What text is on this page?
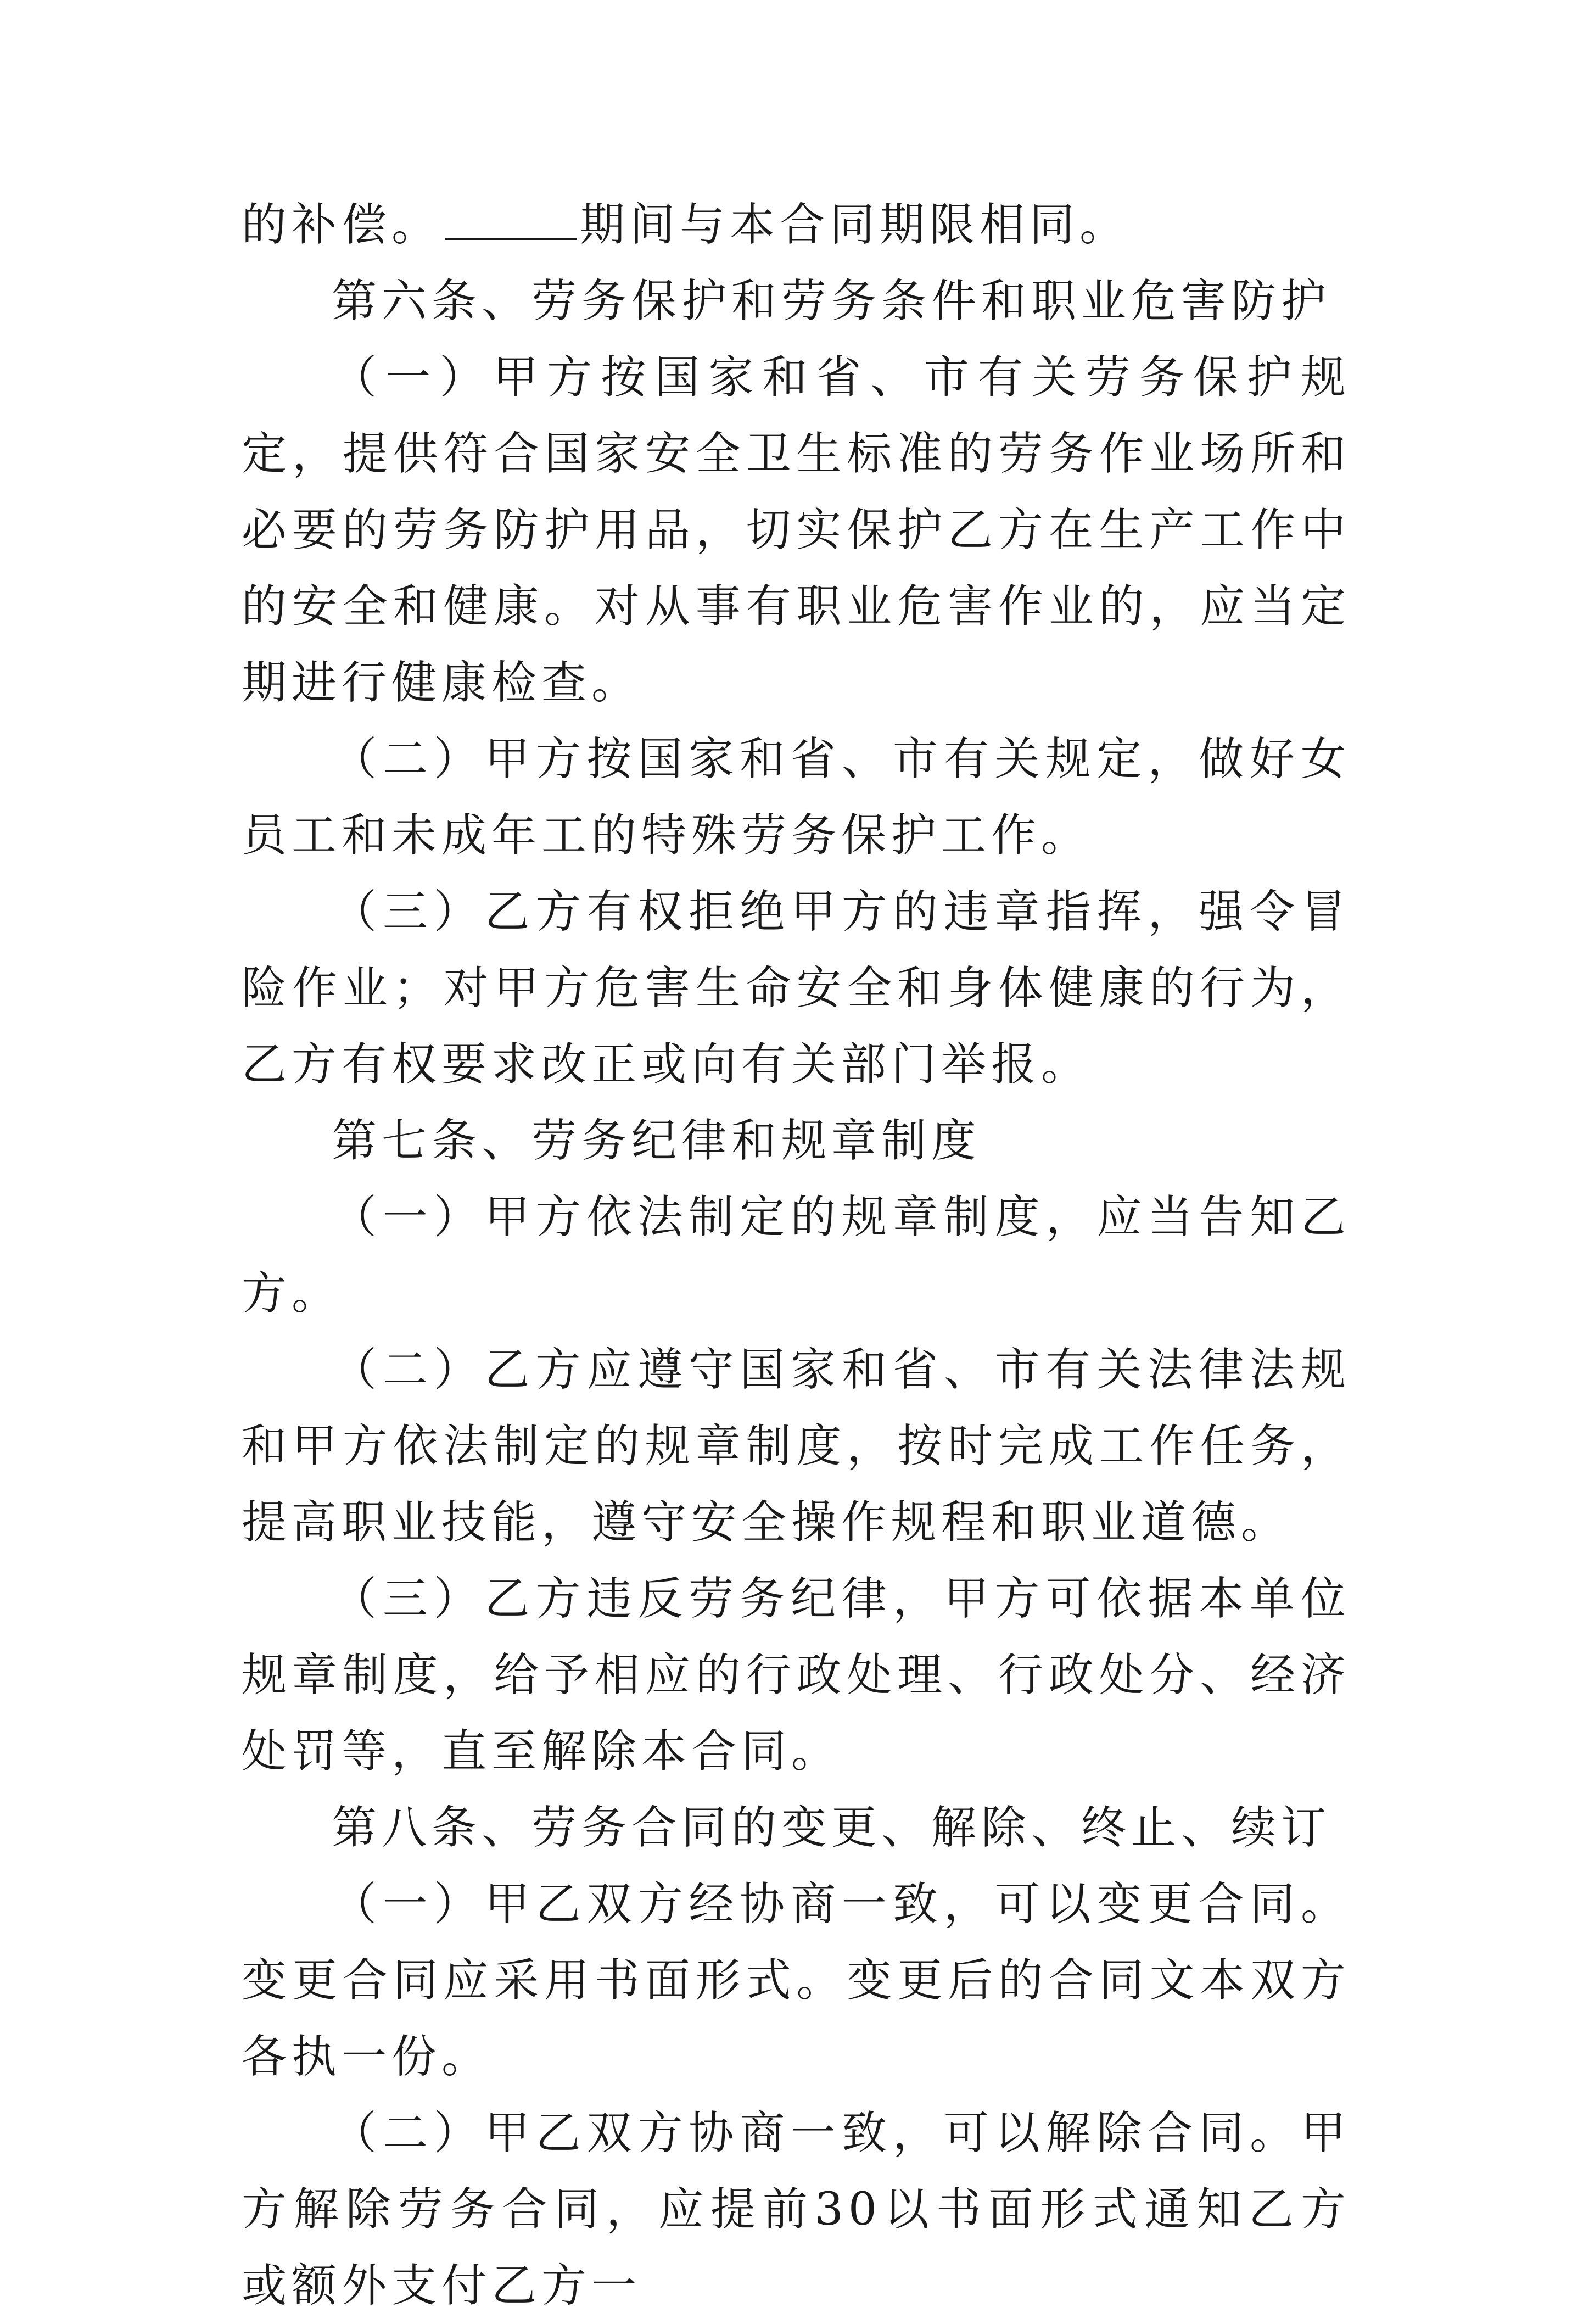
的补偿。	期间与本合同期限相同。

第六条、劳务保护和劳务条件和职业危害防护

（一）甲方按国家和省、市有关劳务保护规定，提供符合国家安全卫生标准的劳务作业场所和必要的劳务防护用品，切实保护乙方在生产工作中的安全和健康。对从事有职业危害作业的，应当定期进行健康检查。

（二）甲方按国家和省、市有关规定，做好女员工和未成年工的特殊劳务保护工作。

（三）乙方有权拒绝甲方的违章指挥，强令冒险作业；对甲方危害生命安全和身体健康的行为，乙方有权要求改正或向有关部门举报。

第七条、劳务纪律和规章制度

（一）甲方依法制定的规章制度，应当告知乙方。

（二）乙方应遵守国家和省、市有关法律法规和甲方依法制定的规章制度，按时完成工作任务，提高职业技能，遵守安全操作规程和职业道德。

（三）乙方违反劳务纪律，甲方可依据本单位规章制度，给予相应的行政处理、行政处分、经济处罚等，直至解除本合同。

第八条、劳务合同的变更、解除、终止、续订

（一）甲乙双方经协商一致，可以变更合同。变更合同应采用书面形式。变更后的合同文本双方各执一份。

（二）甲乙双方协商一致，可以解除合同。甲方解除劳务合同，应提前30以书面形式通知乙方或额外支付乙方一
